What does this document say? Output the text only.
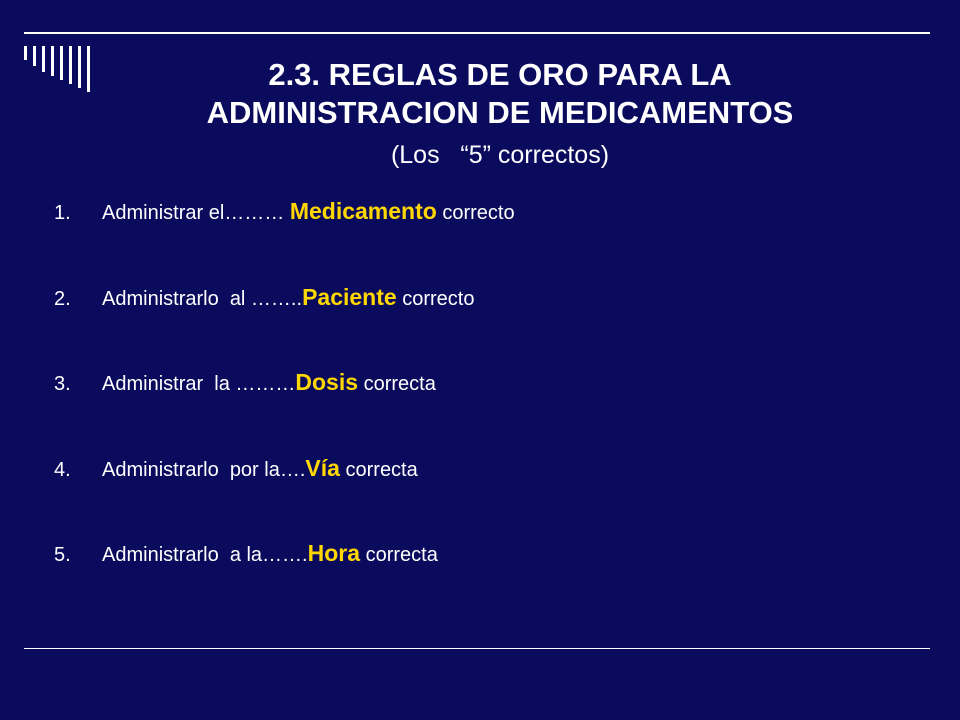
2.3. REGLAS DE ORO PARA LA
ADMINISTRACION DE MEDICAMENTOS
(Los   “5” correctos)
1.	Administrar el……… Medicamento correcto
2.	Administrarlo  al …….. Paciente correcto
3.	Administrar  la ……… Dosis correcta
4.	Administrarlo  por la…. Vía correcta
5.	Administrarlo  a la……. Hora correcta
